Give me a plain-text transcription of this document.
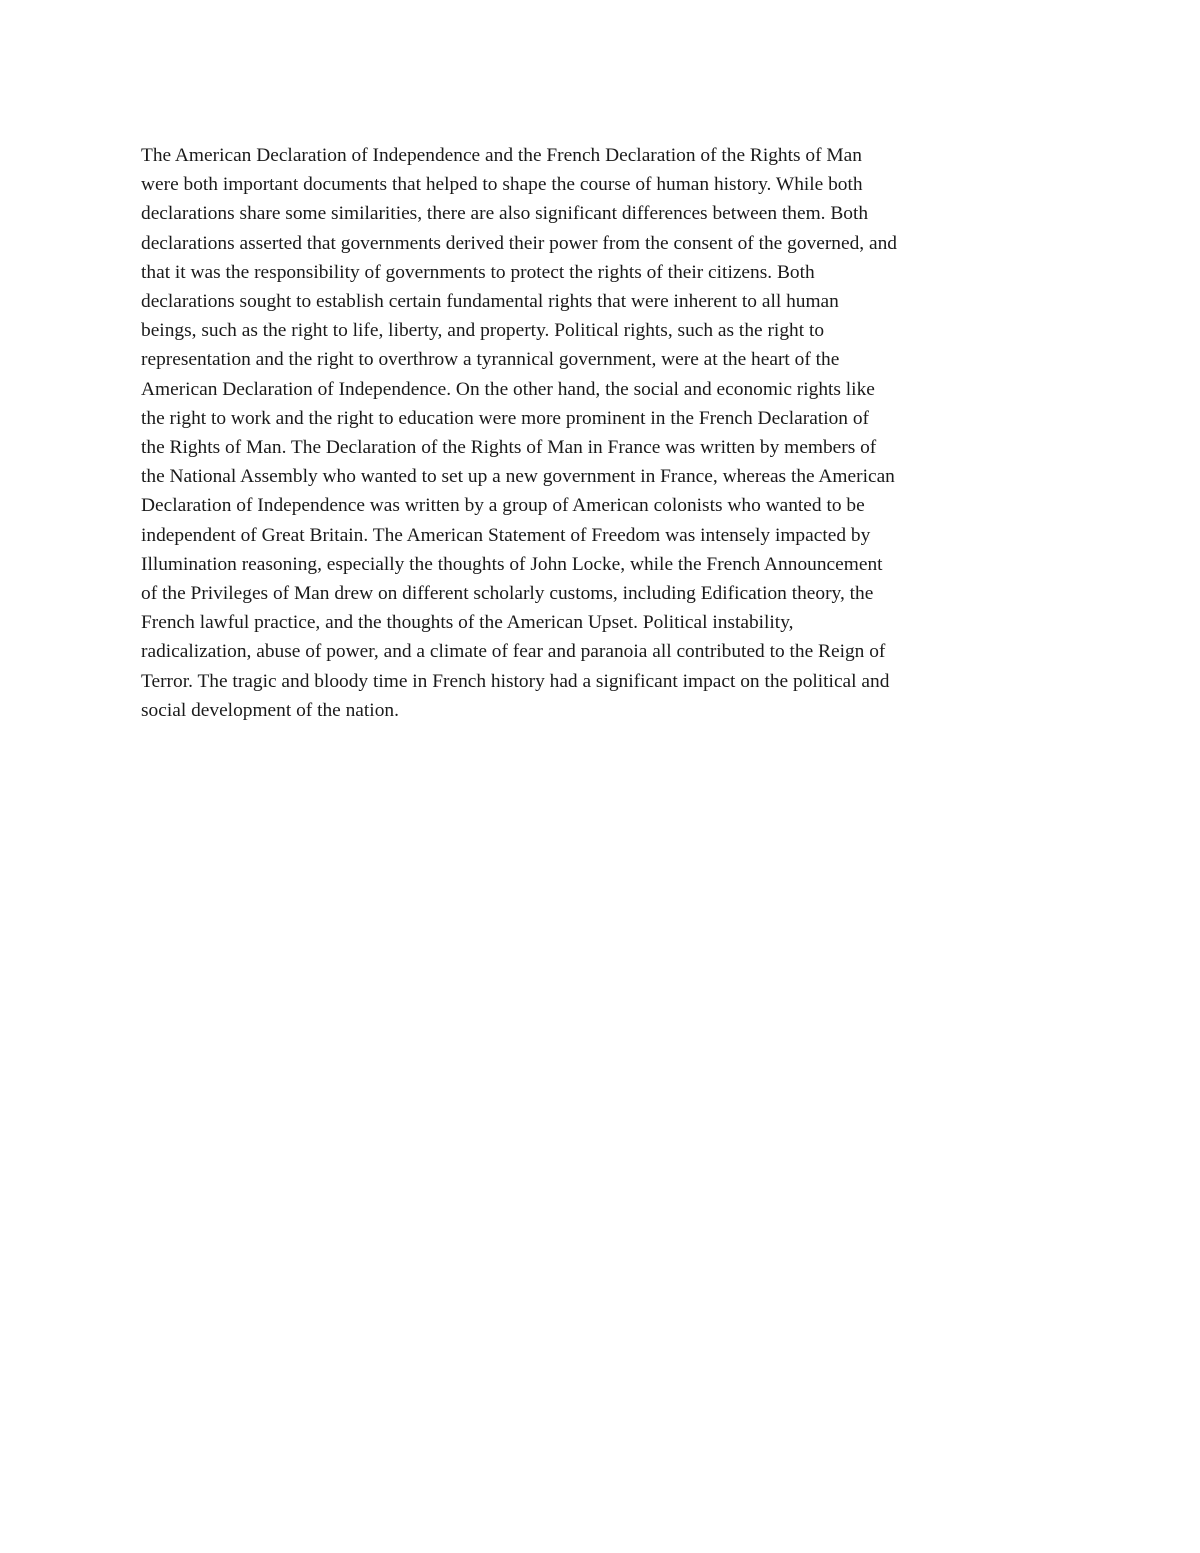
The American Declaration of Independence and the French Declaration of the Rights of Man
were both important documents that helped to shape the course of human history. While both
declarations share some similarities, there are also significant differences between them. Both
declarations asserted that governments derived their power from the consent of the governed, and
that it was the responsibility of governments to protect the rights of their citizens. Both
declarations sought to establish certain fundamental rights that were inherent to all human
beings, such as the right to life, liberty, and property. Political rights, such as the right to
representation and the right to overthrow a tyrannical government, were at the heart of the
American Declaration of Independence. On the other hand, the social and economic rights like
the right to work and the right to education were more prominent in the French Declaration of
the Rights of Man. The Declaration of the Rights of Man in France was written by members of
the National Assembly who wanted to set up a new government in France, whereas the American
Declaration of Independence was written by a group of American colonists who wanted to be
independent of Great Britain. The American Statement of Freedom was intensely impacted by
Illumination reasoning, especially the thoughts of John Locke, while the French Announcement
of the Privileges of Man drew on different scholarly customs, including Edification theory, the
French lawful practice, and the thoughts of the American Upset. Political instability,
radicalization, abuse of power, and a climate of fear and paranoia all contributed to the Reign of
Terror. The tragic and bloody time in French history had a significant impact on the political and
social development of the nation.
